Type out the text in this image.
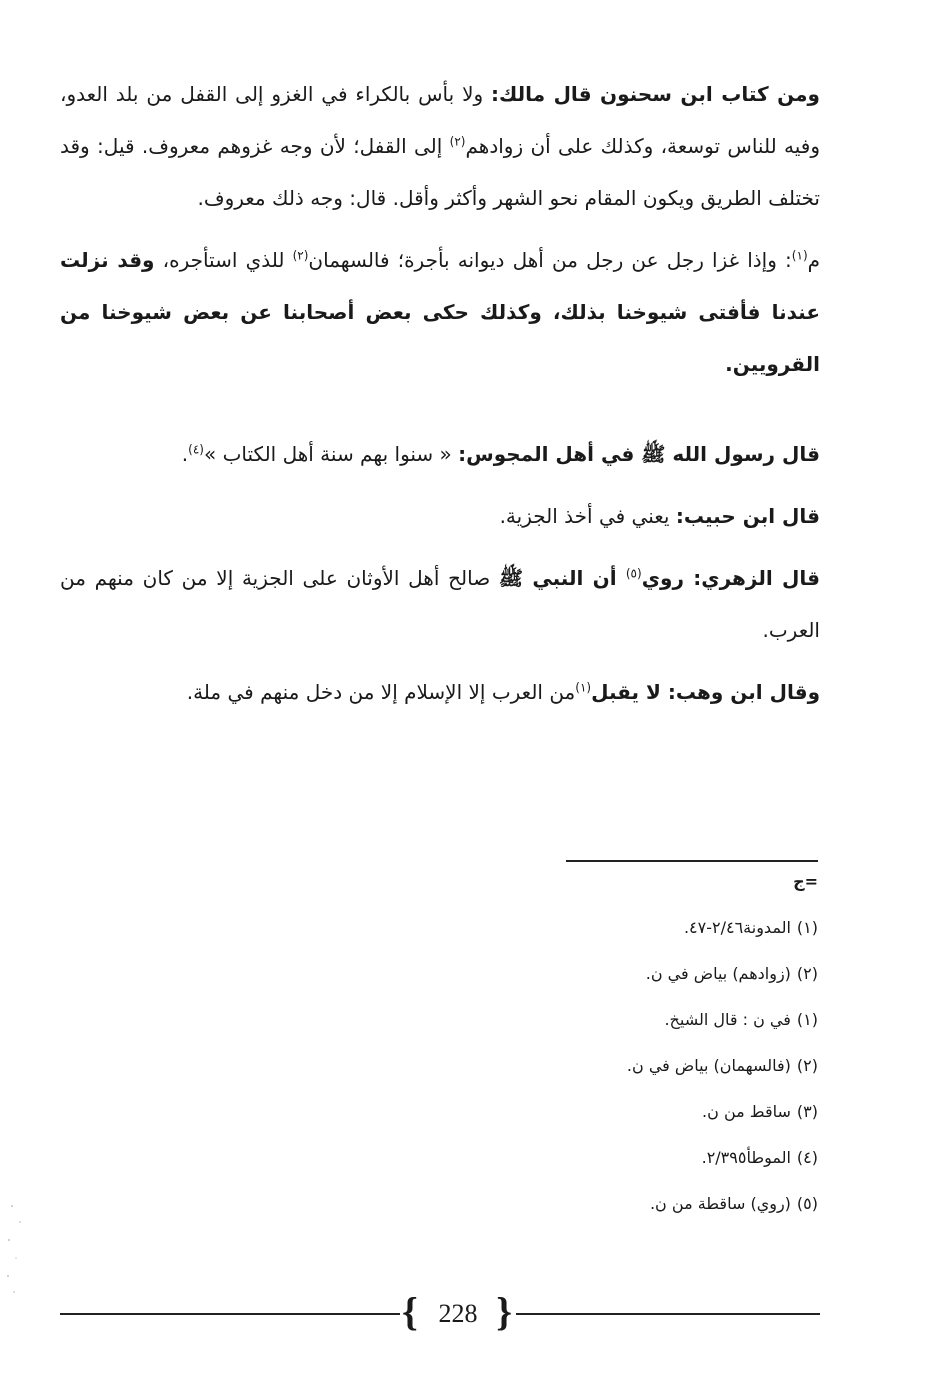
ومن كتاب ابن سحنون قال مالك: ولا بأس بالكراء في الغزو إلى القفل من بلد العدو، وفيه للناس توسعة، وكذلك على أن زوادهم$^{(٢)}$ إلى القفل؛ لأن وجه غزوهم معروف. قيل: وقد تختلف الطريق ويكون المقام نحو الشهر وأكثر وأقل. قال: وجه ذلك معروف.

م$^{(١)}$: وإذا غزا رجل عن رجل من أهل ديوانه بأجرة؛ فالسهمان$^{(٢)}$ للذي استأجره، وقد نزلت عندنا فأفتى شيوخنا بذلك، وكذلك حكى بعض أصحابنا عن بعض شيوخنا من القرويين.

قال رسول الله ﷺ في أهل المجوس: « سنوا بهم سنة أهل الكتاب »$^{(٤)}$.

قال ابن حبيب: يعني في أخذ الجزية.

قال الزهري: روي$^{(٥)}$ أن النبي ﷺ صالح أهل الأوثان على الجزية إلا من كان منهم من العرب.

وقال ابن وهب: لا يقبل$^{(١)}$من العرب إلا الإسلام إلا من دخل منهم في ملة.

=ج

(١)المدونة٢/٤٦-٤٧.

(٢)(زوادهم) بياض في ن.

(١)في ن : قال الشيخ.

(٢)(فالسهمان) بياض في ن.

(٣)ساقط من ن.

(٤)الموطأ٢/٣٩٥.

(٥)(روي) ساقطة من ن.

{ 228 }
